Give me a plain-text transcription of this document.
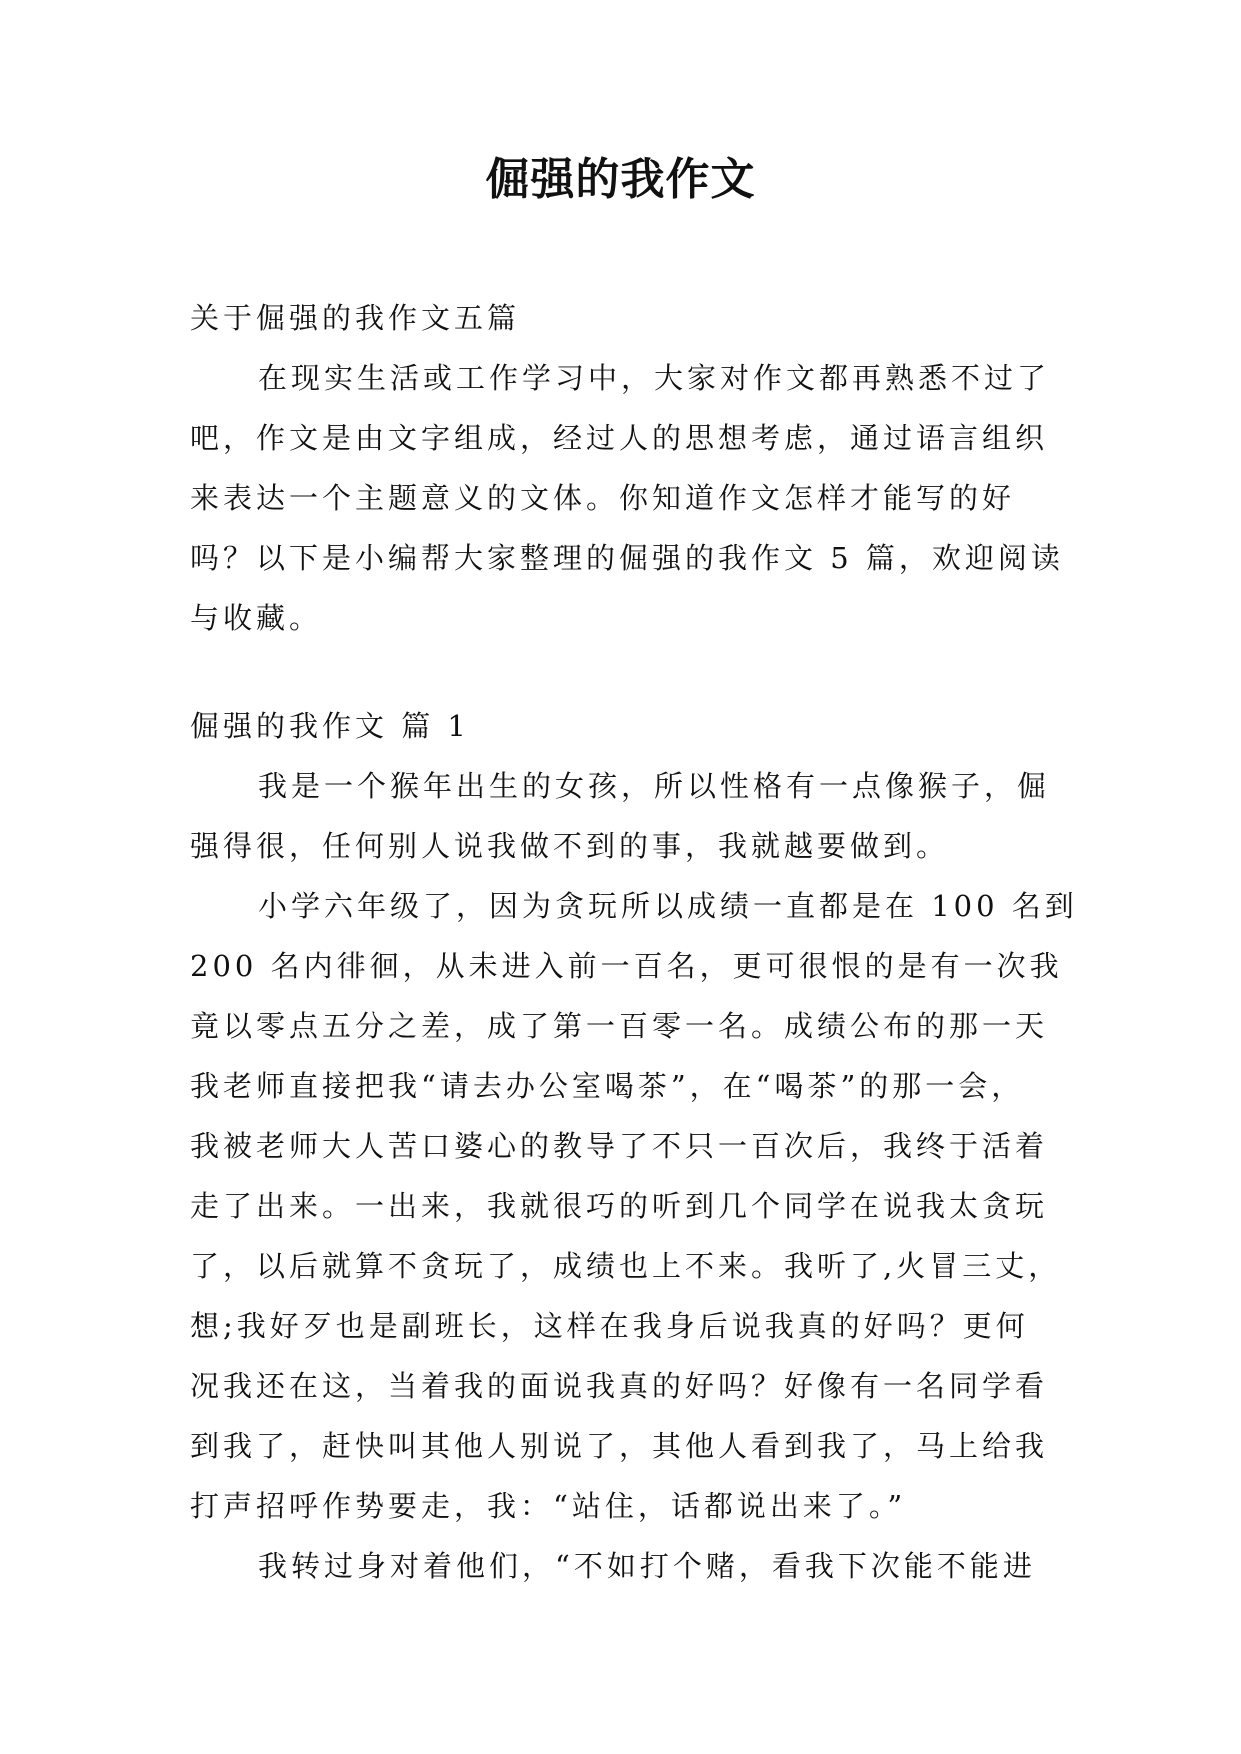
倔强的我作文
关于倔强的我作文五篇
在现实生活或工作学习中，大家对作文都再熟悉不过了
吧，作文是由文字组成，经过人的思想考虑，通过语言组织
来表达一个主题意义的文体。你知道作文怎样才能写的好
吗？以下是小编帮大家整理的倔强的我作文 5 篇，欢迎阅读
与收藏。
倔强的我作文 篇 1
我是一个猴年出生的女孩，所以性格有一点像猴子，倔
强得很，任何别人说我做不到的事，我就越要做到。
小学六年级了，因为贪玩所以成绩一直都是在 100 名到
200 名内徘徊，从未进入前一百名，更可很恨的是有一次我
竟以零点五分之差，成了第一百零一名。成绩公布的那一天
我老师直接把我“请去办公室喝茶”，在“喝茶”的那一会，
我被老师大人苦口婆心的教导了不只一百次后，我终于活着
走了出来。一出来，我就很巧的听到几个同学在说我太贪玩
了，以后就算不贪玩了，成绩也上不来。我听了,火冒三丈，
想;我好歹也是副班长，这样在我身后说我真的好吗？更何
况我还在这，当着我的面说我真的好吗？好像有一名同学看
到我了，赶快叫其他人别说了，其他人看到我了，马上给我
打声招呼作势要走，我：“站住，话都说出来了。”
我转过身对着他们，“不如打个赌，看我下次能不能进
